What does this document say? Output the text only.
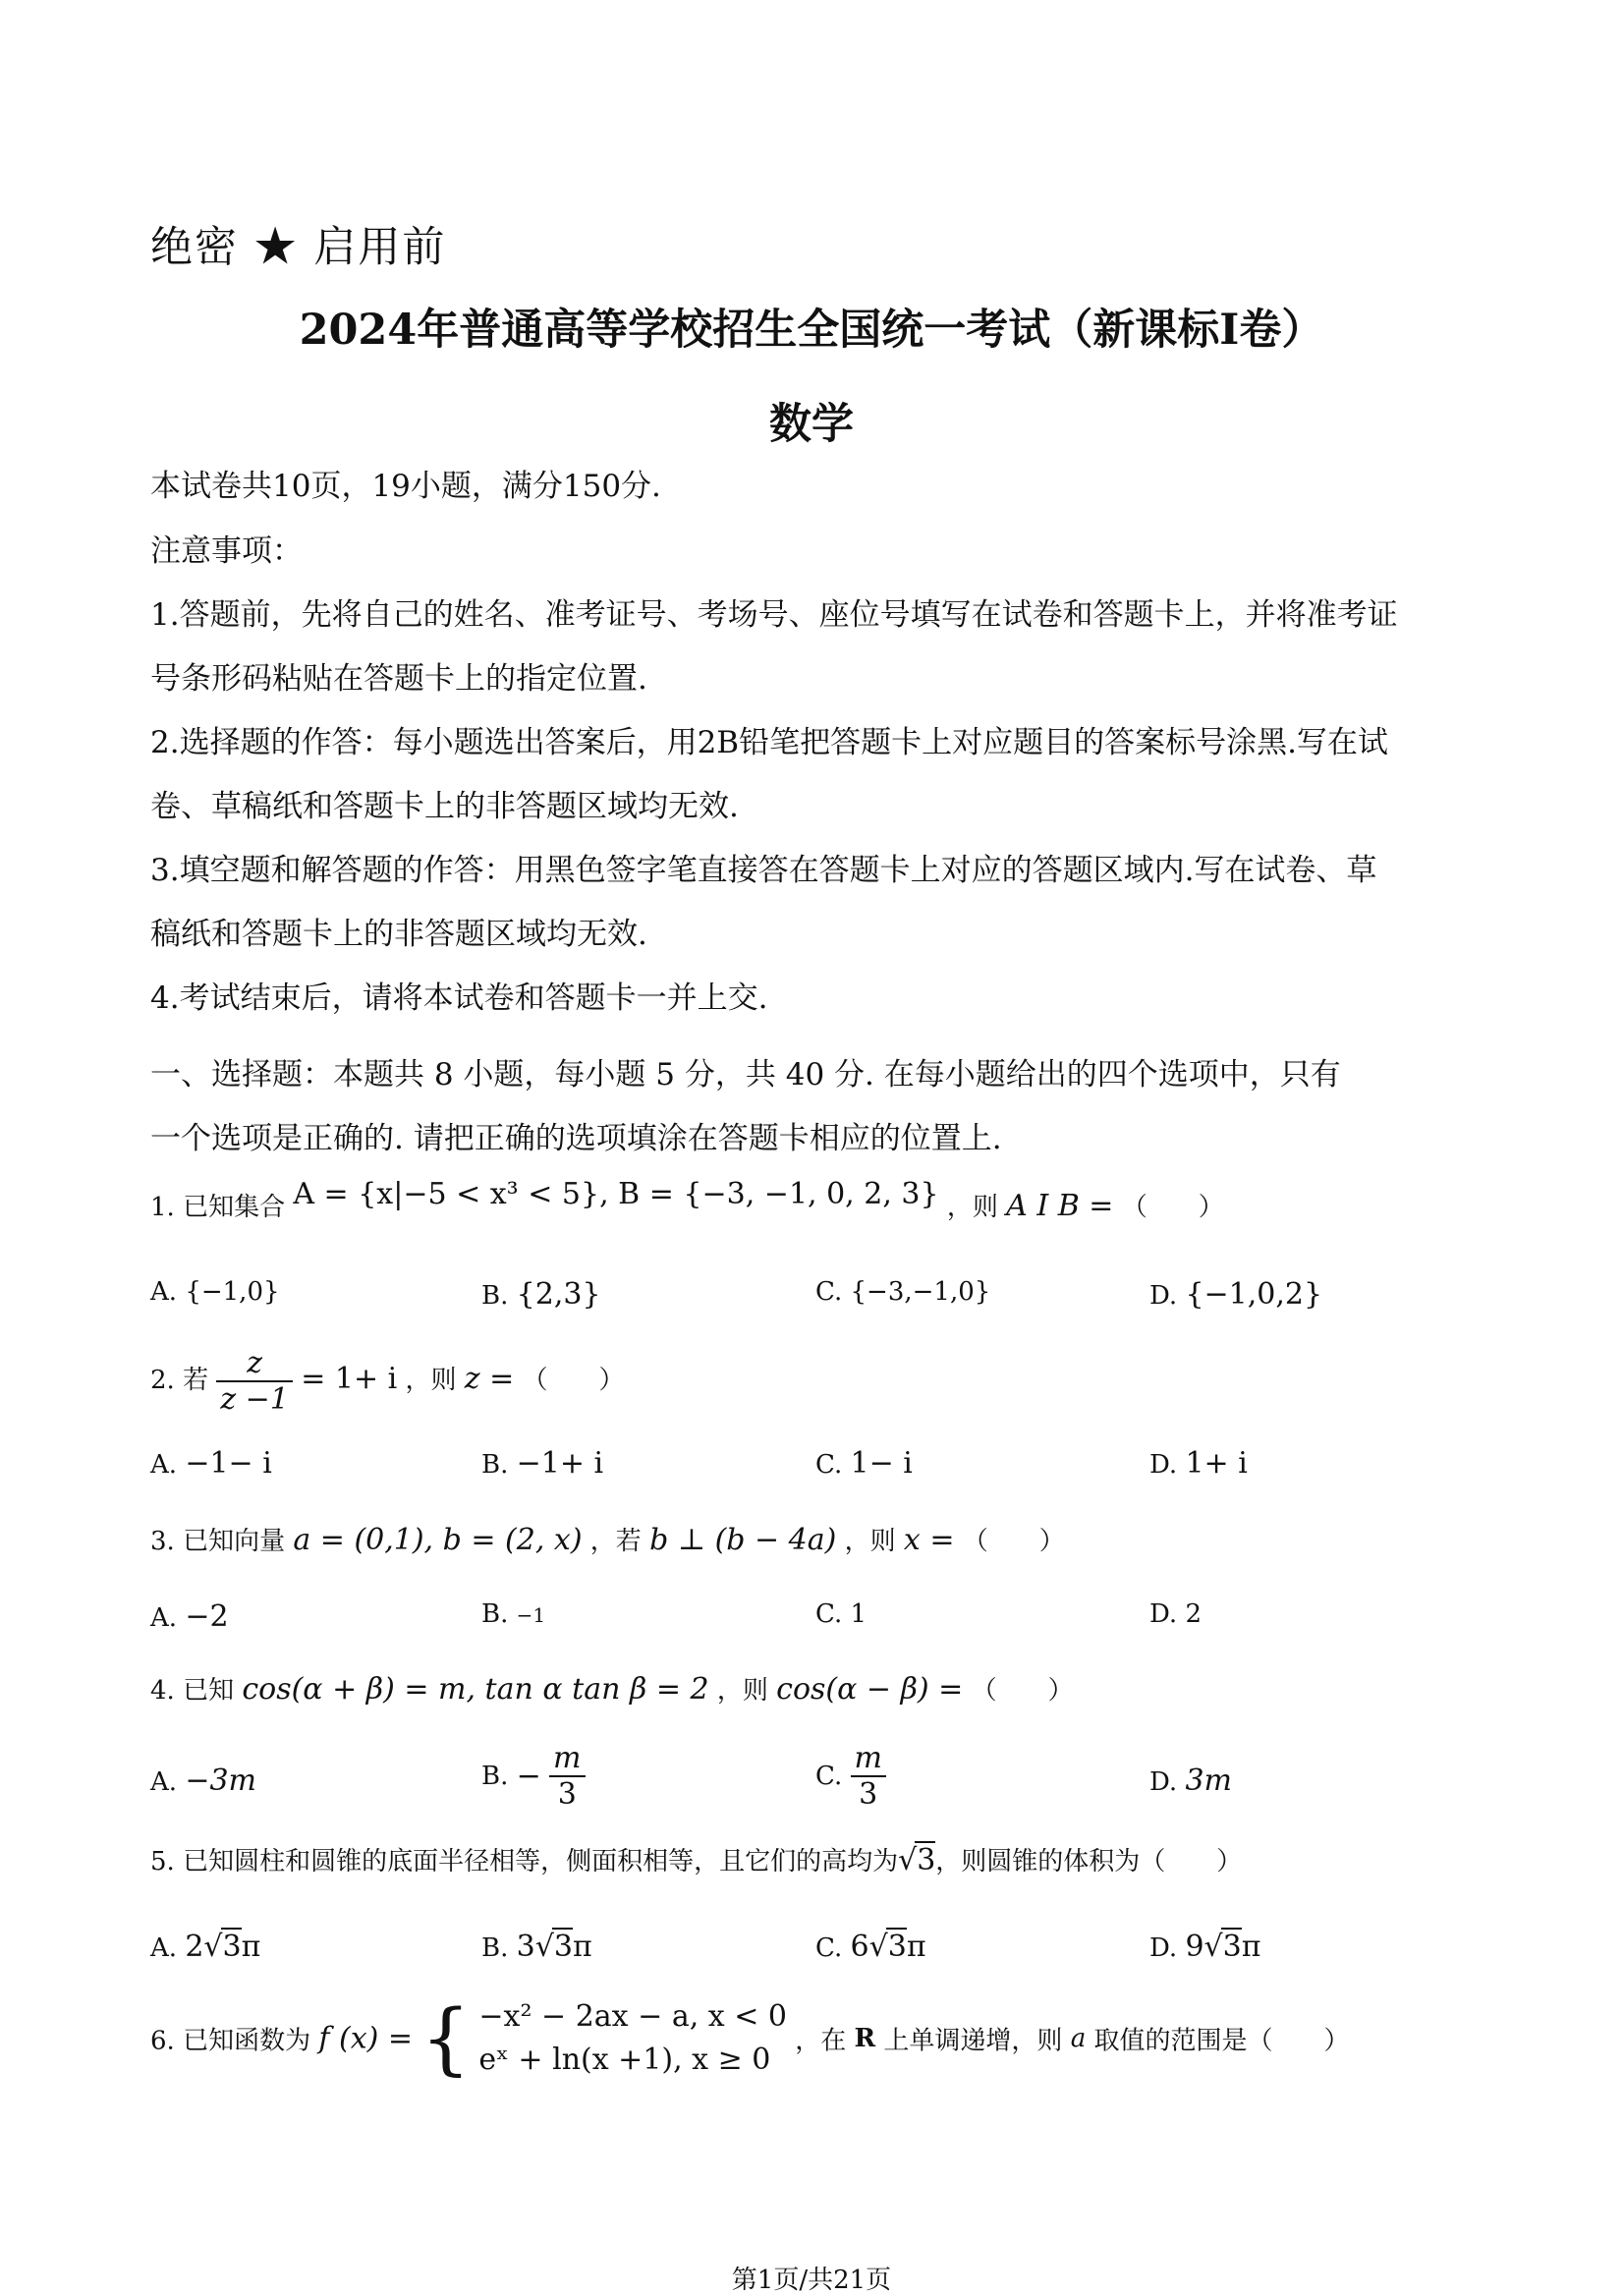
绝密 ★ 启用前
2024年普通高等学校招生全国统一考试（新课标I卷）
数学
本试卷共10页，19小题，满分150分.
注意事项：
1.答题前，先将自己的姓名、准考证号、考场号、座位号填写在试卷和答题卡上，并将准考证
号条形码粘贴在答题卡上的指定位置.
2.选择题的作答：每小题选出答案后，用2B铅笔把答题卡上对应题目的答案标号涂黑.写在试
卷、草稿纸和答题卡上的非答题区域均无效.
3.填空题和解答题的作答：用黑色签字笔直接答在答题卡上对应的答题区域内.写在试卷、草
稿纸和答题卡上的非答题区域均无效.
4.考试结束后，请将本试卷和答题卡一并上交.
一、选择题：本题共 8 小题，每小题 5 分，共 40 分. 在每小题给出的四个选项中，只有
一个选项是正确的. 请把正确的选项填涂在答题卡相应的位置上.
1. 已知集合 A = {x|−5 < x³ < 5}, B = {−3, −1, 0, 2, 3} ，则 A I B = （　　）
A. {−1,0}	B. {2,3}	C. {−3,−1,0}	D. {−1,0,2}
2. 若 $\frac{z}{z -1} = 1+ i$ ，则 z = （　　）
A. −1− i	B. −1+ i	C. 1− i	D. 1+ i
3. 已知向量 a = (0,1), b = (2, x) ，若 b ⊥ (b − 4a) ，则 x = （　　）
A. −2	B. −1	C. 1	D. 2
4. 已知 cos(α + β) = m, tan α tan β = 2 ，则 cos(α − β) = （　　）
A. −3m	B. − $\frac{m}{3}$	C. $\frac{m}{3}$	D. 3m
5. 已知圆柱和圆锥的底面半径相等，侧面积相等，且它们的高均为√3，则圆锥的体积为（　　）
A. 2√3π	B. 3√3π	C. 6√3π	D. 9√3π
6. 已知函数为 f (x) = { −x² − 2ax − a, x < 0
eˣ + ln(x +1), x ≥ 0
，在 R 上单调递增，则 a 取值的范围是（　　）
第1页/共21页
